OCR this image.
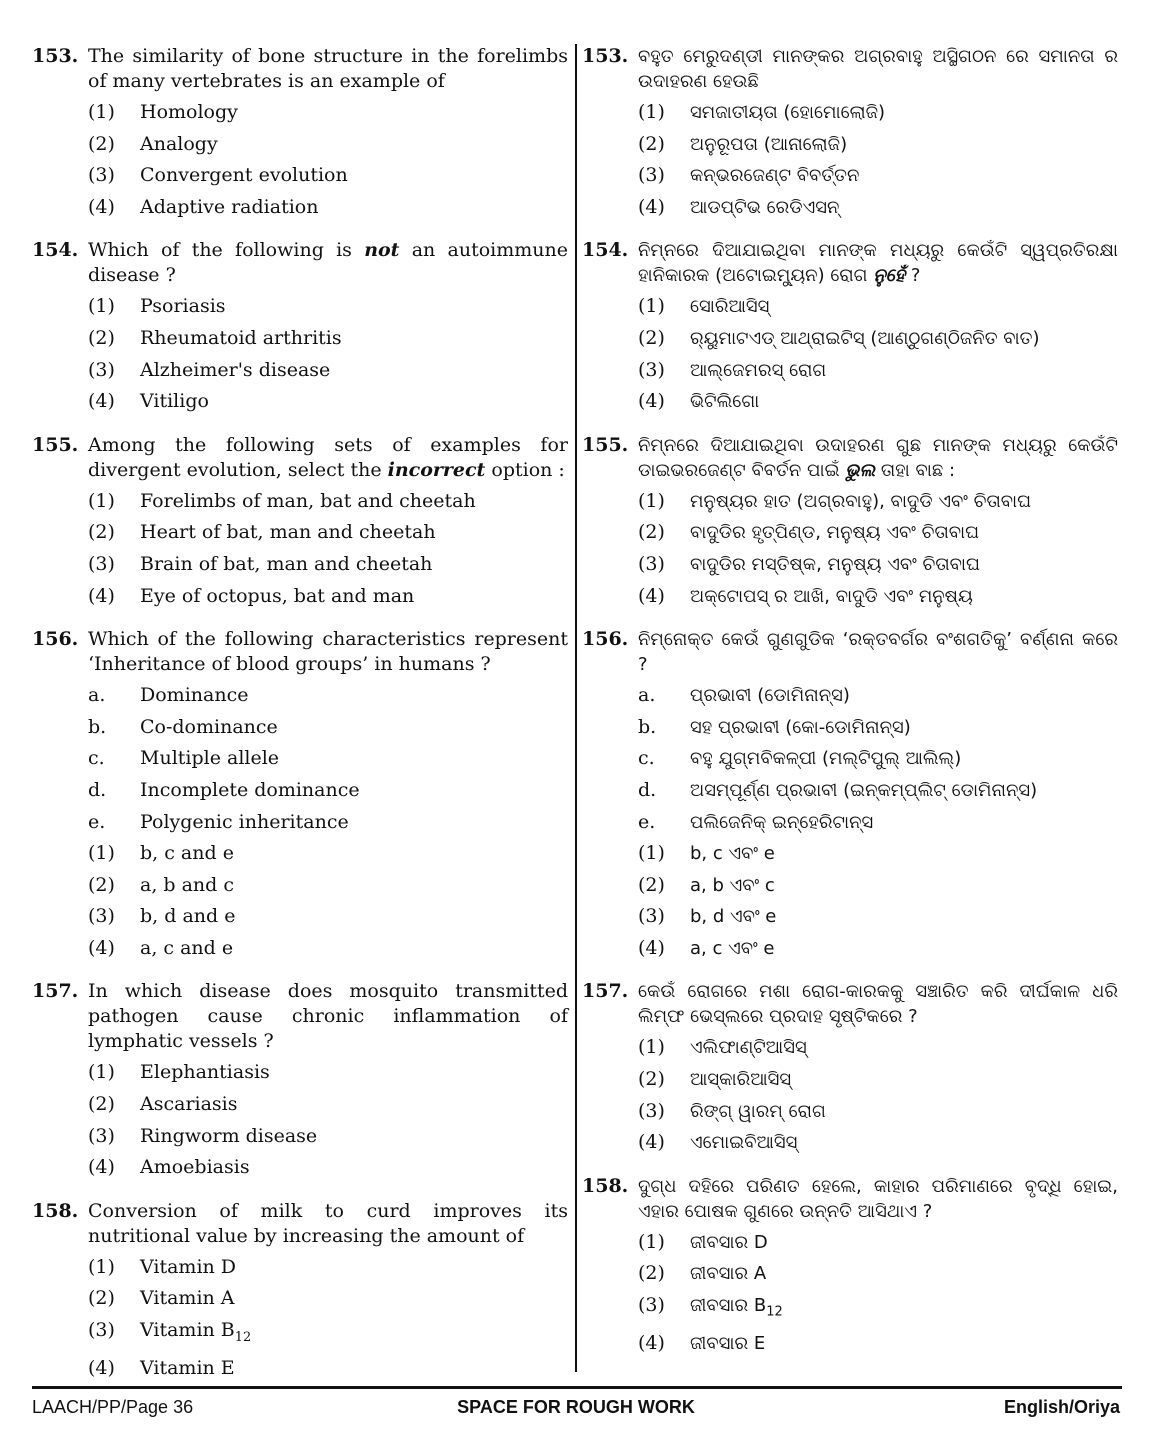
153. The similarity of bone structure in the forelimbs of many vertebrates is an example of
(1)	Homology
(2)	Analogy
(3)	Convergent evolution
(4)	Adaptive radiation
154. Which of the following is not an autoimmune disease ?
(1)	Psoriasis
(2)	Rheumatoid arthritis
(3)	Alzheimer's disease
(4)	Vitiligo
155. Among the following sets of examples for divergent evolution, select the incorrect option :
(1)	Forelimbs of man, bat and cheetah
(2)	Heart of bat, man and cheetah
(3)	Brain of bat, man and cheetah
(4)	Eye of octopus, bat and man
156. Which of the following characteristics represent ‘Inheritance of blood groups’ in humans ?
a.	Dominance
b.	Co-dominance
c.	Multiple allele
d.	Incomplete dominance
e.	Polygenic inheritance
(1)	b, c and e
(2)	a, b and c
(3)	b, d and e
(4)	a, c and e
157. In which disease does mosquito transmitted pathogen cause chronic inflammation of lymphatic vessels ?
(1)	Elephantiasis
(2)	Ascariasis
(3)	Ringworm disease
(4)	Amoebiasis
158. Conversion of milk to curd improves its nutritional value by increasing the amount of
(1)	Vitamin D
(2)	Vitamin A
(3)	Vitamin $B_{12}$
(4)	Vitamin E
153. ବହୁତ ମେରୁଦଣ୍ଡୀ ମାନଙ୍କର ଅଗ୍ରବାହୁ ଅସ୍ଥିଗଠନ ରେ ସମାନତା ର ଉଦାହରଣ ହେଉଛି
(1)	ସମଜାତୀୟତା (ହୋମୋଲୋଜି)
(2)	ଅନୁରୂପତା (ଆନାଲୋଜି)
(3)	କନ୍‌ଭରଜେଣ୍ଟ ବିବର୍ତ୍ତନ
(4)	ଆଡପ୍‌ଟିଭ ରେଡିଏସନ୍
154. ନିମ୍ନରେ ଦିଆଯାଇଥିବା ମାନଙ୍କ ମଧ୍ୟରୁ କେଉଁଟି ସ୍ୱପ୍ରତିରକ୍ଷା ହାନିକାରକ (ଅଟୋଇମ୍ୟୁନ) ରୋଗ ନୁହେଁ ?
(1)	ସୋରିଆସିସ୍
(2)	ର୍‌ୟୁମାଟଏଡ୍ ଆଥ୍ରାଇଟିସ୍ (ଆଣ୍ଠୁଗଣ୍ଠିଜନିତ ବାତ)
(3)	ଆଲ୍‌ଜେମରସ୍ ରୋଗ
(4)	ଭିଟିଲିଗୋ
155. ନିମ୍ନରେ ଦିଆଯାଇଥିବା ଉଦାହରଣ ଗୁଛ ମାନଙ୍କ ମଧ୍ୟରୁ କେଉଁଟି ଡାଇଭରଜେଣ୍ଟ ବିବର୍ତନ ପାଇଁ ଭୁଲ ତାହା ବାଛ :
(1)	ମନୁଷ୍ୟର ହାତ (ଅଗ୍ରବାହୁ), ବାଦୁଡି ଏବଂ ଚିତାବାଘ
(2)	ବାଦୁଡିର ହୃତ୍‌ପିଣ୍ଡ, ମନୁଷ୍ୟ ଏବଂ ଚିତାବାଘ
(3)	ବାଦୁଡିର ମସ୍ତିଷ୍କ, ମନୁଷ୍ୟ ଏବଂ ଚିତାବାଘ
(4)	ଅକ୍ଟୋପସ୍ ର ଆଖି, ବାଦୁଡି ଏବଂ ମନୁଷ୍ୟ
156. ନିମ୍ନୋକ୍ତ କେଉଁ ଗୁଣଗୁଡିକ ‘ରକ୍ତବର୍ଗର ବଂଶଗତିକୁ’ ବର୍ଣ୍ଣନା କରେ ?
a.	ପ୍ରଭାବୀ (ଡୋମିନାନ୍‌ସ)
b.	ସହ ପ୍ରଭାବୀ (କୋ-ଡୋମିନାନ୍‌ସ)
c.	ବହୁ ଯୁଗ୍ମବିକଳ୍ପୀ (ମଲ୍‌ଟିପୁଲ୍ ଆଲିଲ୍)
d.	ଅସମ୍ପୂର୍ଣ୍ଣ ପ୍ରଭାବୀ (ଇନ୍‌କମ୍‌ପ୍ଲିଟ୍ ଡୋମିନାନ୍‌ସ)
e.	ପଲିଜେନିକ୍ ଇନ୍‌ହେରିଟାନ୍‌ସ
(1)	b, c ଏବଂ e
(2)	a, b ଏବଂ c
(3)	b, d ଏବଂ e
(4)	a, c ଏବଂ e
157. କେଉଁ ରୋଗରେ ମଶା ରୋଗ-କାରକକୁ ସଞ୍ଚାରିତ କରି ଦୀର୍ଘକାଳ ଧରି ଲିମ୍ଫ ଭେସ୍‌ଲରେ ପ୍ରଦାହ ସୃଷ୍ଟିକରେ ?
(1)	ଏଲିଫାଣ୍ଟିଆସିସ୍
(2)	ଆସ୍କାରିଆସିସ୍
(3)	ରିଙ୍ଗ୍ ୱାରମ୍ ରୋଗ
(4)	ଏମୋଇବିଆସିସ୍
158. ଦୁଗ୍ଧ ଦହିରେ ପରିଣତ ହେଲେ, କାହାର ପରିମାଣରେ ବୃଦ୍ଧି ହୋଇ, ଏହାର ପୋଷକ ଗୁଣରେ ଉନ୍ନତି ଆସିଥାଏ ?
(1)	ଜୀବସାର D
(2)	ଜୀବସାର A
(3)	ଜୀବସାର $B_{12}$
(4)	ଜୀବସାର E
LAACH/PP/Page 36	SPACE FOR ROUGH WORK	English/Oriya
